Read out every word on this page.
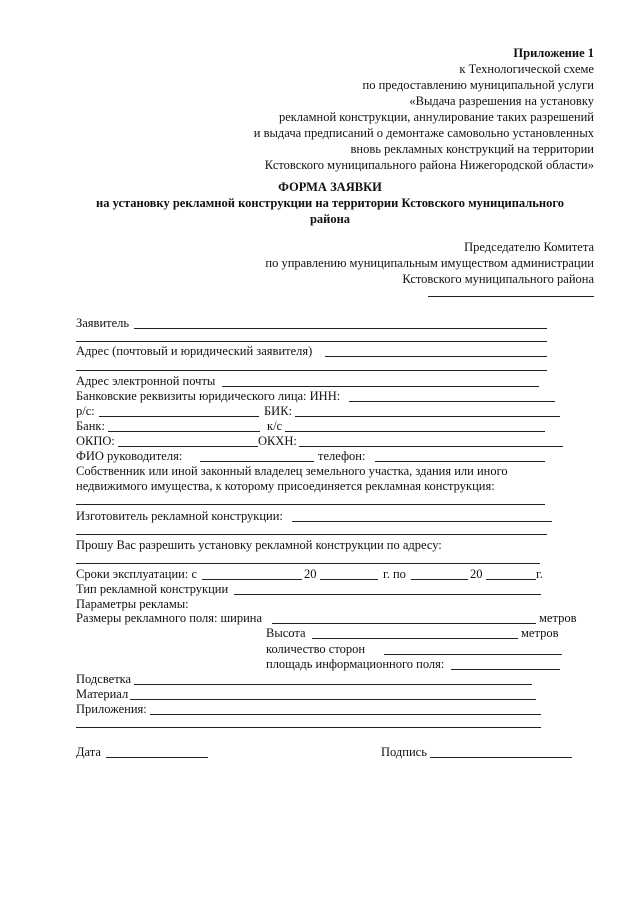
Приложение 1
к Технологической схеме
по предоставлению муниципальной услуги
«Выдача разрешения на установку
рекламной конструкции, аннулирование таких разрешений
и выдача предписаний о демонтаже самовольно установленных
вновь рекламных конструкций на территории
Кстовского муниципального района Нижегородской области»
ФОРМА ЗАЯВКИ
на установку рекламной конструкции на территории Кстовского муниципального
района
Председателю Комитета
по управлению муниципальным имуществом администрации
Кстовского муниципального района
Заявитель
Адрес (почтовый и юридический заявителя)
Адрес электронной почты
Банковские реквизиты юридического лица: ИНН:
р/с:	БИК:
Банк:	к/с
ОКПО:	ОКХН:
ФИО руководителя:	телефон:
Собственник или иной законный владелец земельного участка, здания или иного
недвижимого имущества, к которому присоединяется рекламная конструкция:
Изготовитель рекламной конструкции:
Прошу Вас разрешить установку рекламной конструкции по адресу:
Сроки эксплуатации: с	20	г. по	20	г.
Тип рекламной конструкции
Параметры рекламы:
Размеры рекламного поля: ширина	метров
Высота	метров
количество сторон
площадь информационного поля:
Подсветка
Материал
Приложения:
Дата	Подпись
